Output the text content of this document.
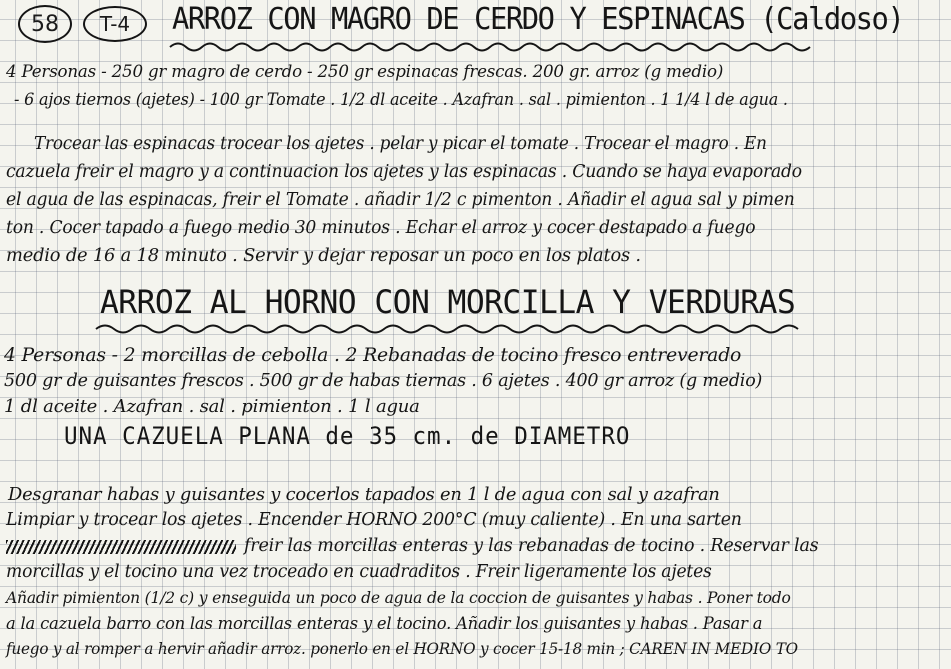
58 T-4 ARROZ CON MAGRO DE CERDO Y ESPINACAS (Caldoso)
4 Personas - 250 gr magro de cerdo - 250 gr espinacas frescas. 200 gr. arroz (g medio)
- 6 ajos tiernos (ajetes) - 100 gr Tomate . 1/2 dl aceite . Azafran . sal . pimienton . 1 1/4 l de agua .
Trocear las espinacas trocear los ajetes . pelar y picar el tomate . Trocear el magro . En
cazuela freir el magro y a continuacion los ajetes y las espinacas . Cuando se haya evaporado
el agua de las espinacas, freir el Tomate . añadir 1/2 c pimenton . Añadir el agua sal y pimen
ton . Cocer tapado a fuego medio 30 minutos . Echar el arroz y cocer destapado a fuego
medio de 16 a 18 minuto . Servir y dejar reposar un poco en los platos .
ARROZ AL HORNO CON MORCILLA Y VERDURAS
4 Personas - 2 morcillas de cebolla . 2 Rebanadas de tocino fresco entreverado
500 gr de guisantes frescos . 500 gr de habas tiernas . 6 ajetes . 400 gr arroz (g medio)
1 dl aceite . Azafran . sal . pimienton . 1 l agua
UNA CAZUELA PLANA de 35 cm. de DIAMETRO
Desgranar habas y guisantes y cocerlos tapados en 1 l de agua con sal y azafran
Limpiar y trocear los ajetes . Encender HORNO 200°C (muy caliente) . En una sarten
freir las morcillas enteras y las rebanadas de tocino . Reservar las
morcillas y el tocino una vez troceado en cuadraditos . Freir ligeramente los ajetes
Añadir pimienton (1/2 c) y enseguida un poco de agua de la coccion de guisantes y habas . Poner todo
a la cazuela barro con las morcillas enteras y el tocino. Añadir los guisantes y habas . Pasar a
fuego y al romper a hervir añadir arroz. ponerlo en el HORNO y cocer 15-18 min ; CAREN IN MEDIO TO
